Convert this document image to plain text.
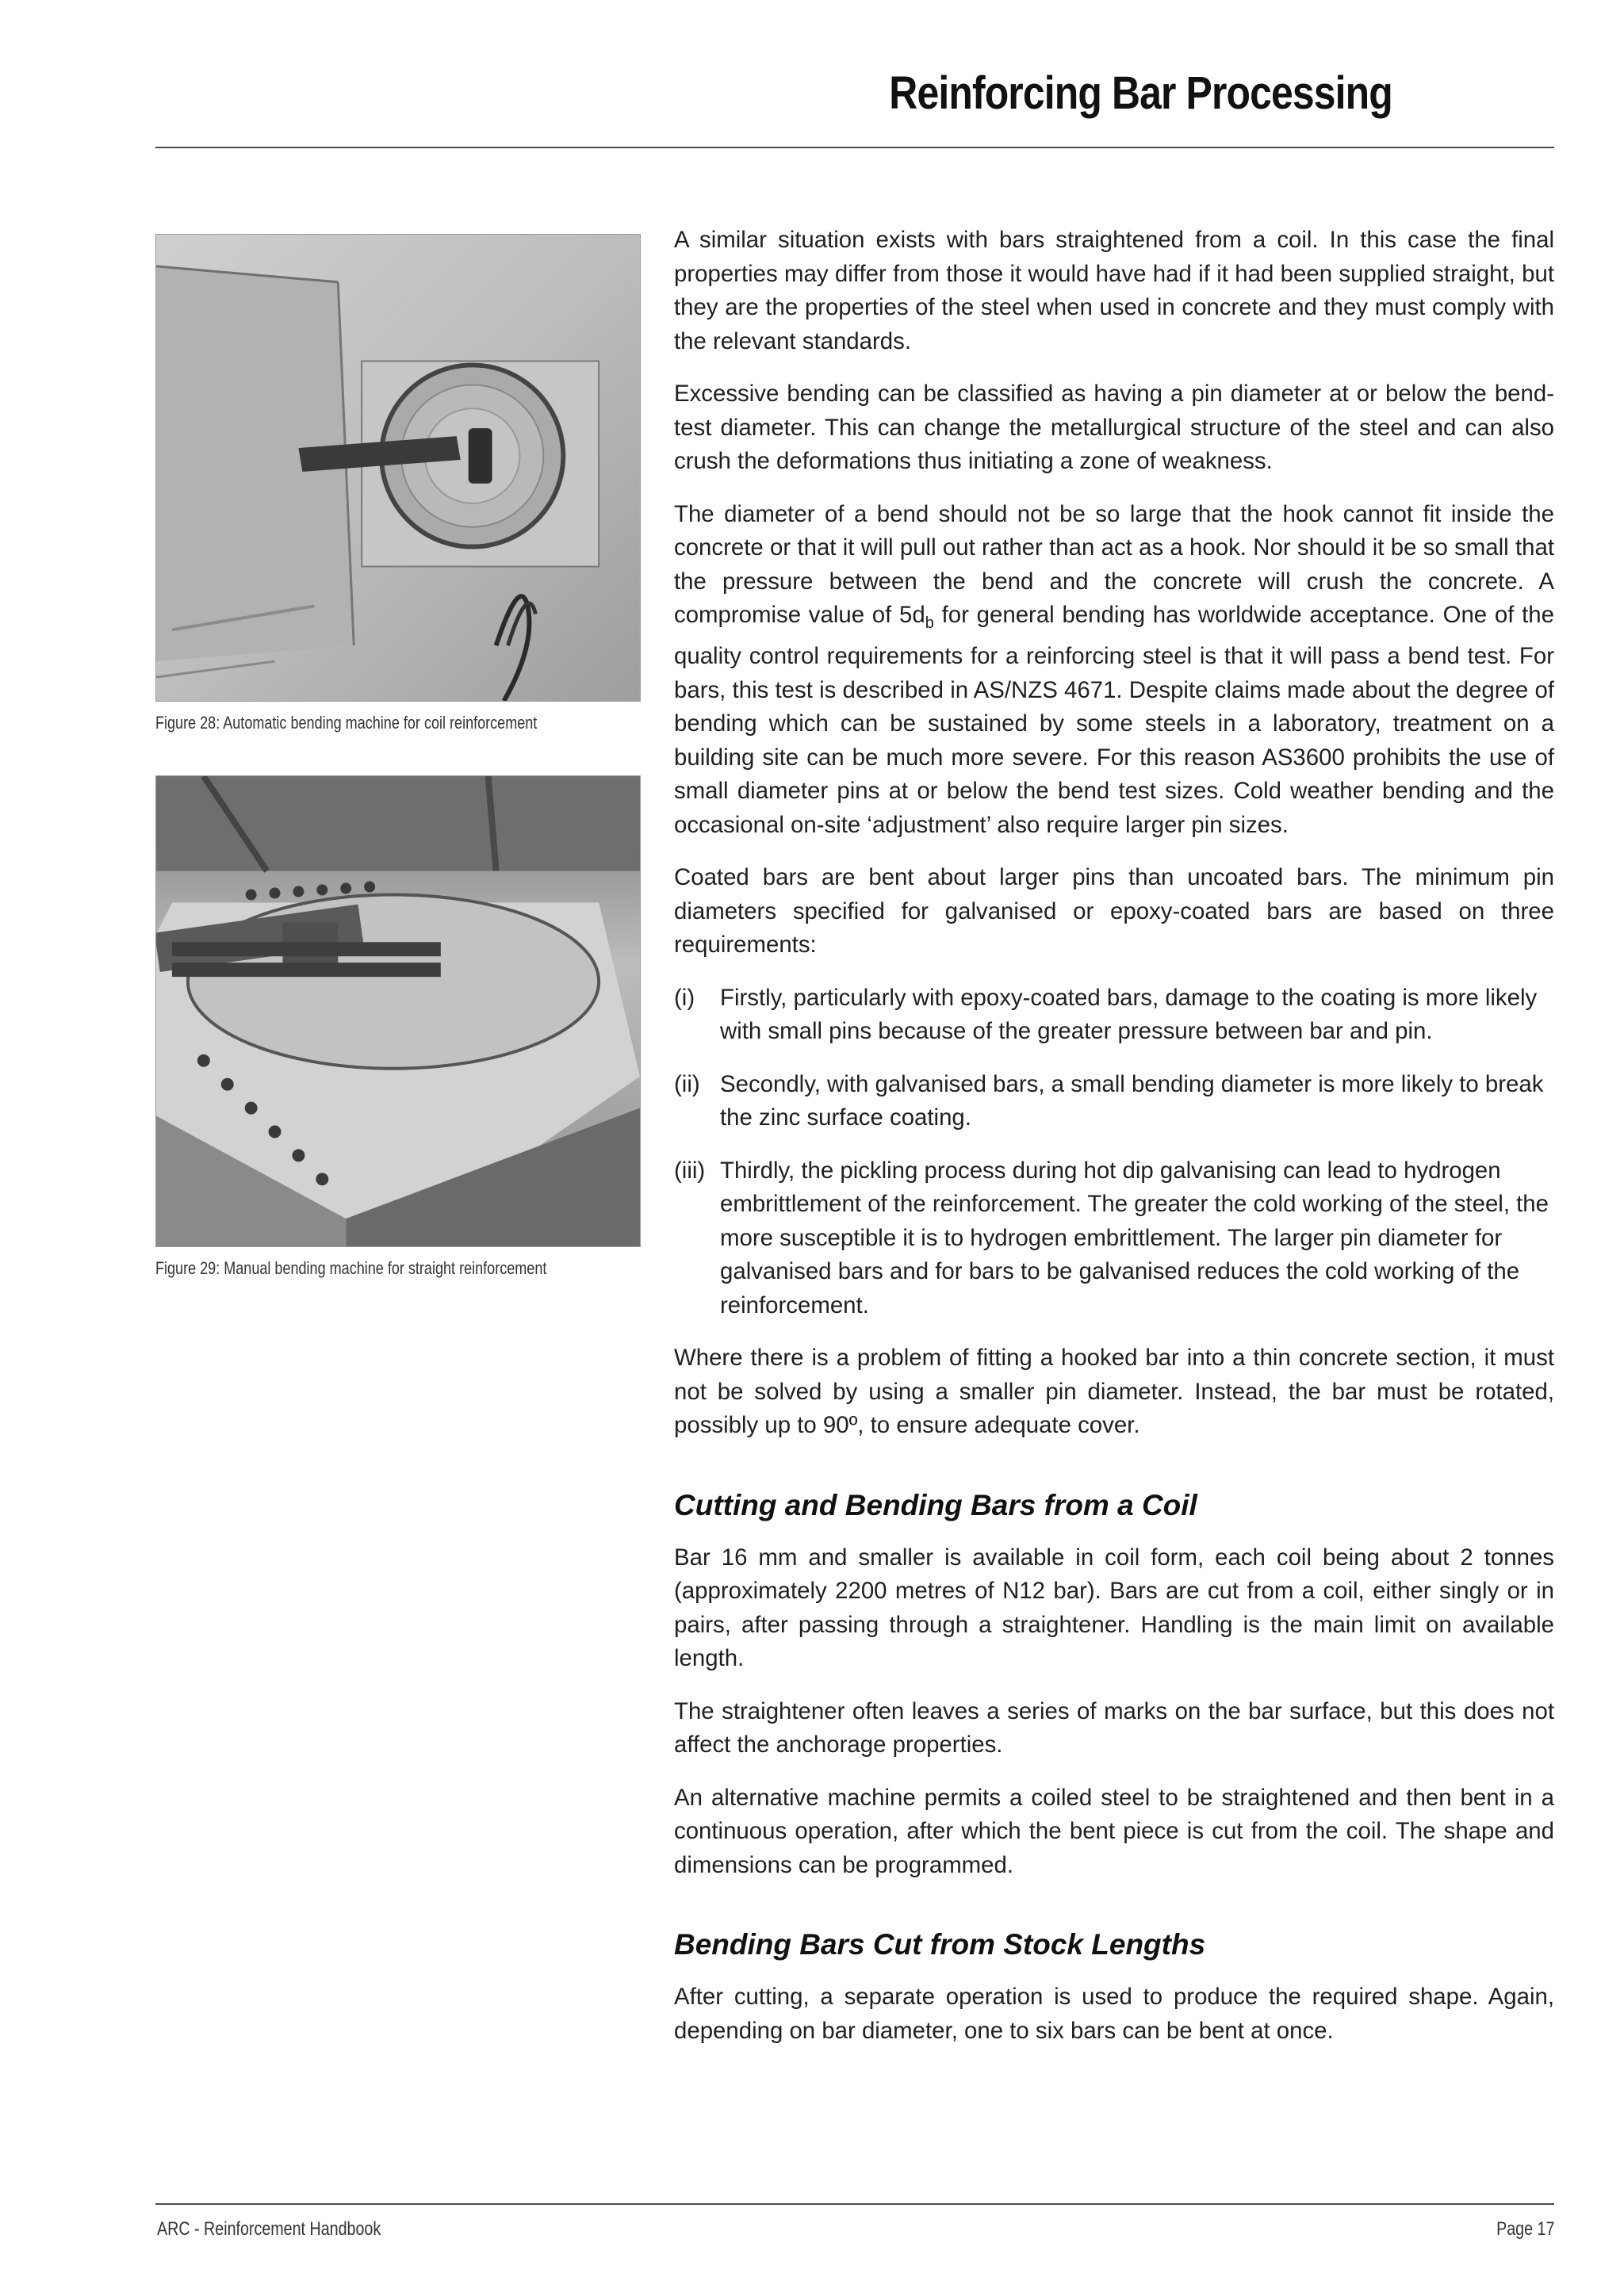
Reinforcing Bar Processing
Figure 28: Automatic bending machine for coil reinforcement
Figure 29: Manual bending machine for straight reinforcement

A similar situation exists with bars straightened from a coil. In this case the final properties may differ from those it would have had if it had been supplied straight, but they are the properties of the steel when used in concrete and they must comply with the relevant standards.

Excessive bending can be classified as having a pin diameter at or below the bend-test diameter. This can change the metallurgical structure of the steel and can also crush the deformations thus initiating a zone of weakness.

The diameter of a bend should not be so large that the hook cannot fit inside the concrete or that it will pull out rather than act as a hook. Nor should it be so small that the pressure between the bend and the concrete will crush the concrete. A compromise value of $5d_b$ for general bending has worldwide acceptance. One of the quality control requirements for a reinforcing steel is that it will pass a bend test. For bars, this test is described in AS/NZS 4671. Despite claims made about the degree of bending which can be sustained by some steels in a laboratory, treatment on a building site can be much more severe. For this reason AS3600 prohibits the use of small diameter pins at or below the bend test sizes. Cold weather bending and the occasional on-site ‘adjustment’ also require larger pin sizes.

Coated bars are bent about larger pins than uncoated bars. The minimum pin diameters specified for galvanised or epoxy-coated bars are based on three requirements:

(i)	Firstly, particularly with epoxy-coated bars, damage to the coating is more likely with small pins because of the greater pressure between bar and pin.
(ii) Secondly, with galvanised bars, a small bending diameter is more likely to break the zinc surface coating.
(iii) Thirdly, the pickling process during hot dip galvanising can lead to hydrogen embrittlement of the reinforcement. The greater the cold working of the steel, the more susceptible it is to hydrogen embrittlement. The larger pin diameter for galvanised bars and for bars to be galvanised reduces the cold working of the reinforcement.

Where there is a problem of fitting a hooked bar into a thin concrete section, it must not be solved by using a smaller pin diameter. Instead, the bar must be rotated, possibly up to 90º, to ensure adequate cover.

Cutting and Bending Bars from a Coil

Bar 16 mm and smaller is available in coil form, each coil being about 2 tonnes (approximately 2200 metres of N12 bar). Bars are cut from a coil, either singly or in pairs, after passing through a straightener. Handling is the main limit on available length.

The straightener often leaves a series of marks on the bar surface, but this does not affect the anchorage properties.

An alternative machine permits a coiled steel to be straightened and then bent in a continuous operation, after which the bent piece is cut from the coil. The shape and dimensions can be programmed.

Bending Bars Cut from Stock Lengths

After cutting, a separate operation is used to produce the required shape. Again, depending on bar diameter, one to six bars can be bent at once.

ARC - Reinforcement Handbook	Page 17
